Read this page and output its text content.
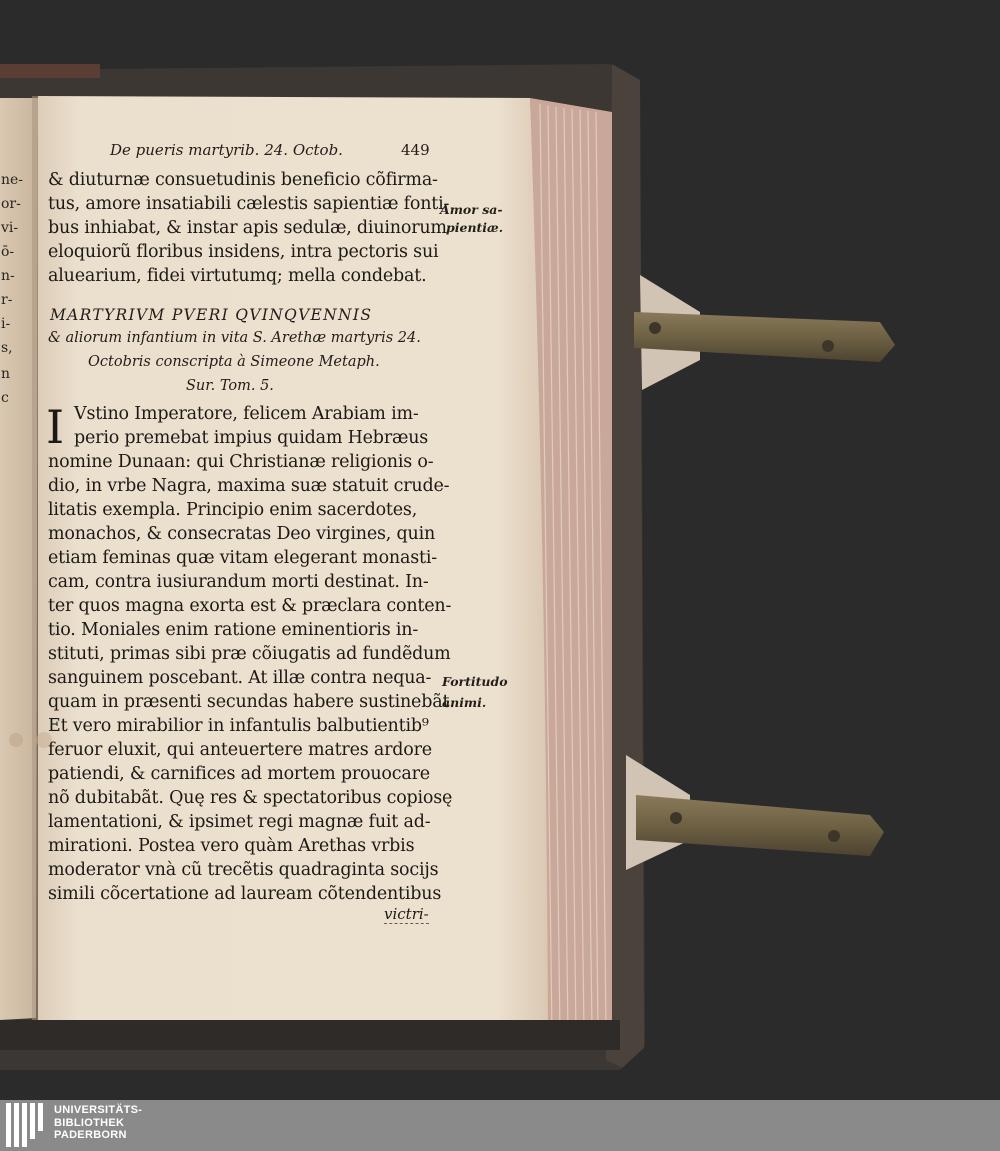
ne-
or-
vi-
ō-
n-
r-
i-
s,
n
c
De pueris martyrib. 24. Octob.	449
& diuturnæ consuetudinis beneficio cõfirma-
tus, amore insatiabili cælestis sapientiæ fonti-
bus inhiabat, & instar apis sedulæ, diuinorum
eloquiorũ floribus insidens, intra pectoris sui
aluearium, fidei virtutumq; mella condebat.
MARTYRIVM PVERI QVINQVENNIS
& aliorum infantium in vita S. Arethæ martyris 24.
Octobris conscripta à Simeone Metaph.
Sur. Tom. 5.
I Vstino Imperatore, felicem Arabiam im-
perio premebat impius quidam Hebræus
nomine Dunaan: qui Christianæ religionis o-
dio, in vrbe Nagra, maxima suæ statuit crude-
litatis exempla. Principio enim sacerdotes,
monachos, & consecratas Deo virgines, quin
etiam feminas quæ vitam elegerant monasti-
cam, contra iusiurandum morti destinat. In-
ter quos magna exorta est & præclara conten-
tio. Moniales enim ratione eminentioris in-
stituti, primas sibi præ cõiugatis ad fundẽdum
sanguinem poscebant. At illæ contra nequa-
quam in præsenti secundas habere sustinebãt.
Et vero mirabilior in infantulis balbutientib⁹
feruor eluxit, qui anteuertere matres ardore
patiendi, & carnifices ad mortem prouocare
nõ dubitabãt. Quę res & spectatoribus copiosę
lamentationi, & ipsimet regi magnæ fuit ad-
mirationi. Postea vero quàm Arethas vrbis
moderator vnà cũ trecẽtis quadraginta socijs
simili cõcertatione ad lauream cõtendentibus
victri-
Amor sa-
pientiæ.
Fortitudo
animi.
UNIVERSITÄTS-
BIBLIOTHEK
PADERBORN
